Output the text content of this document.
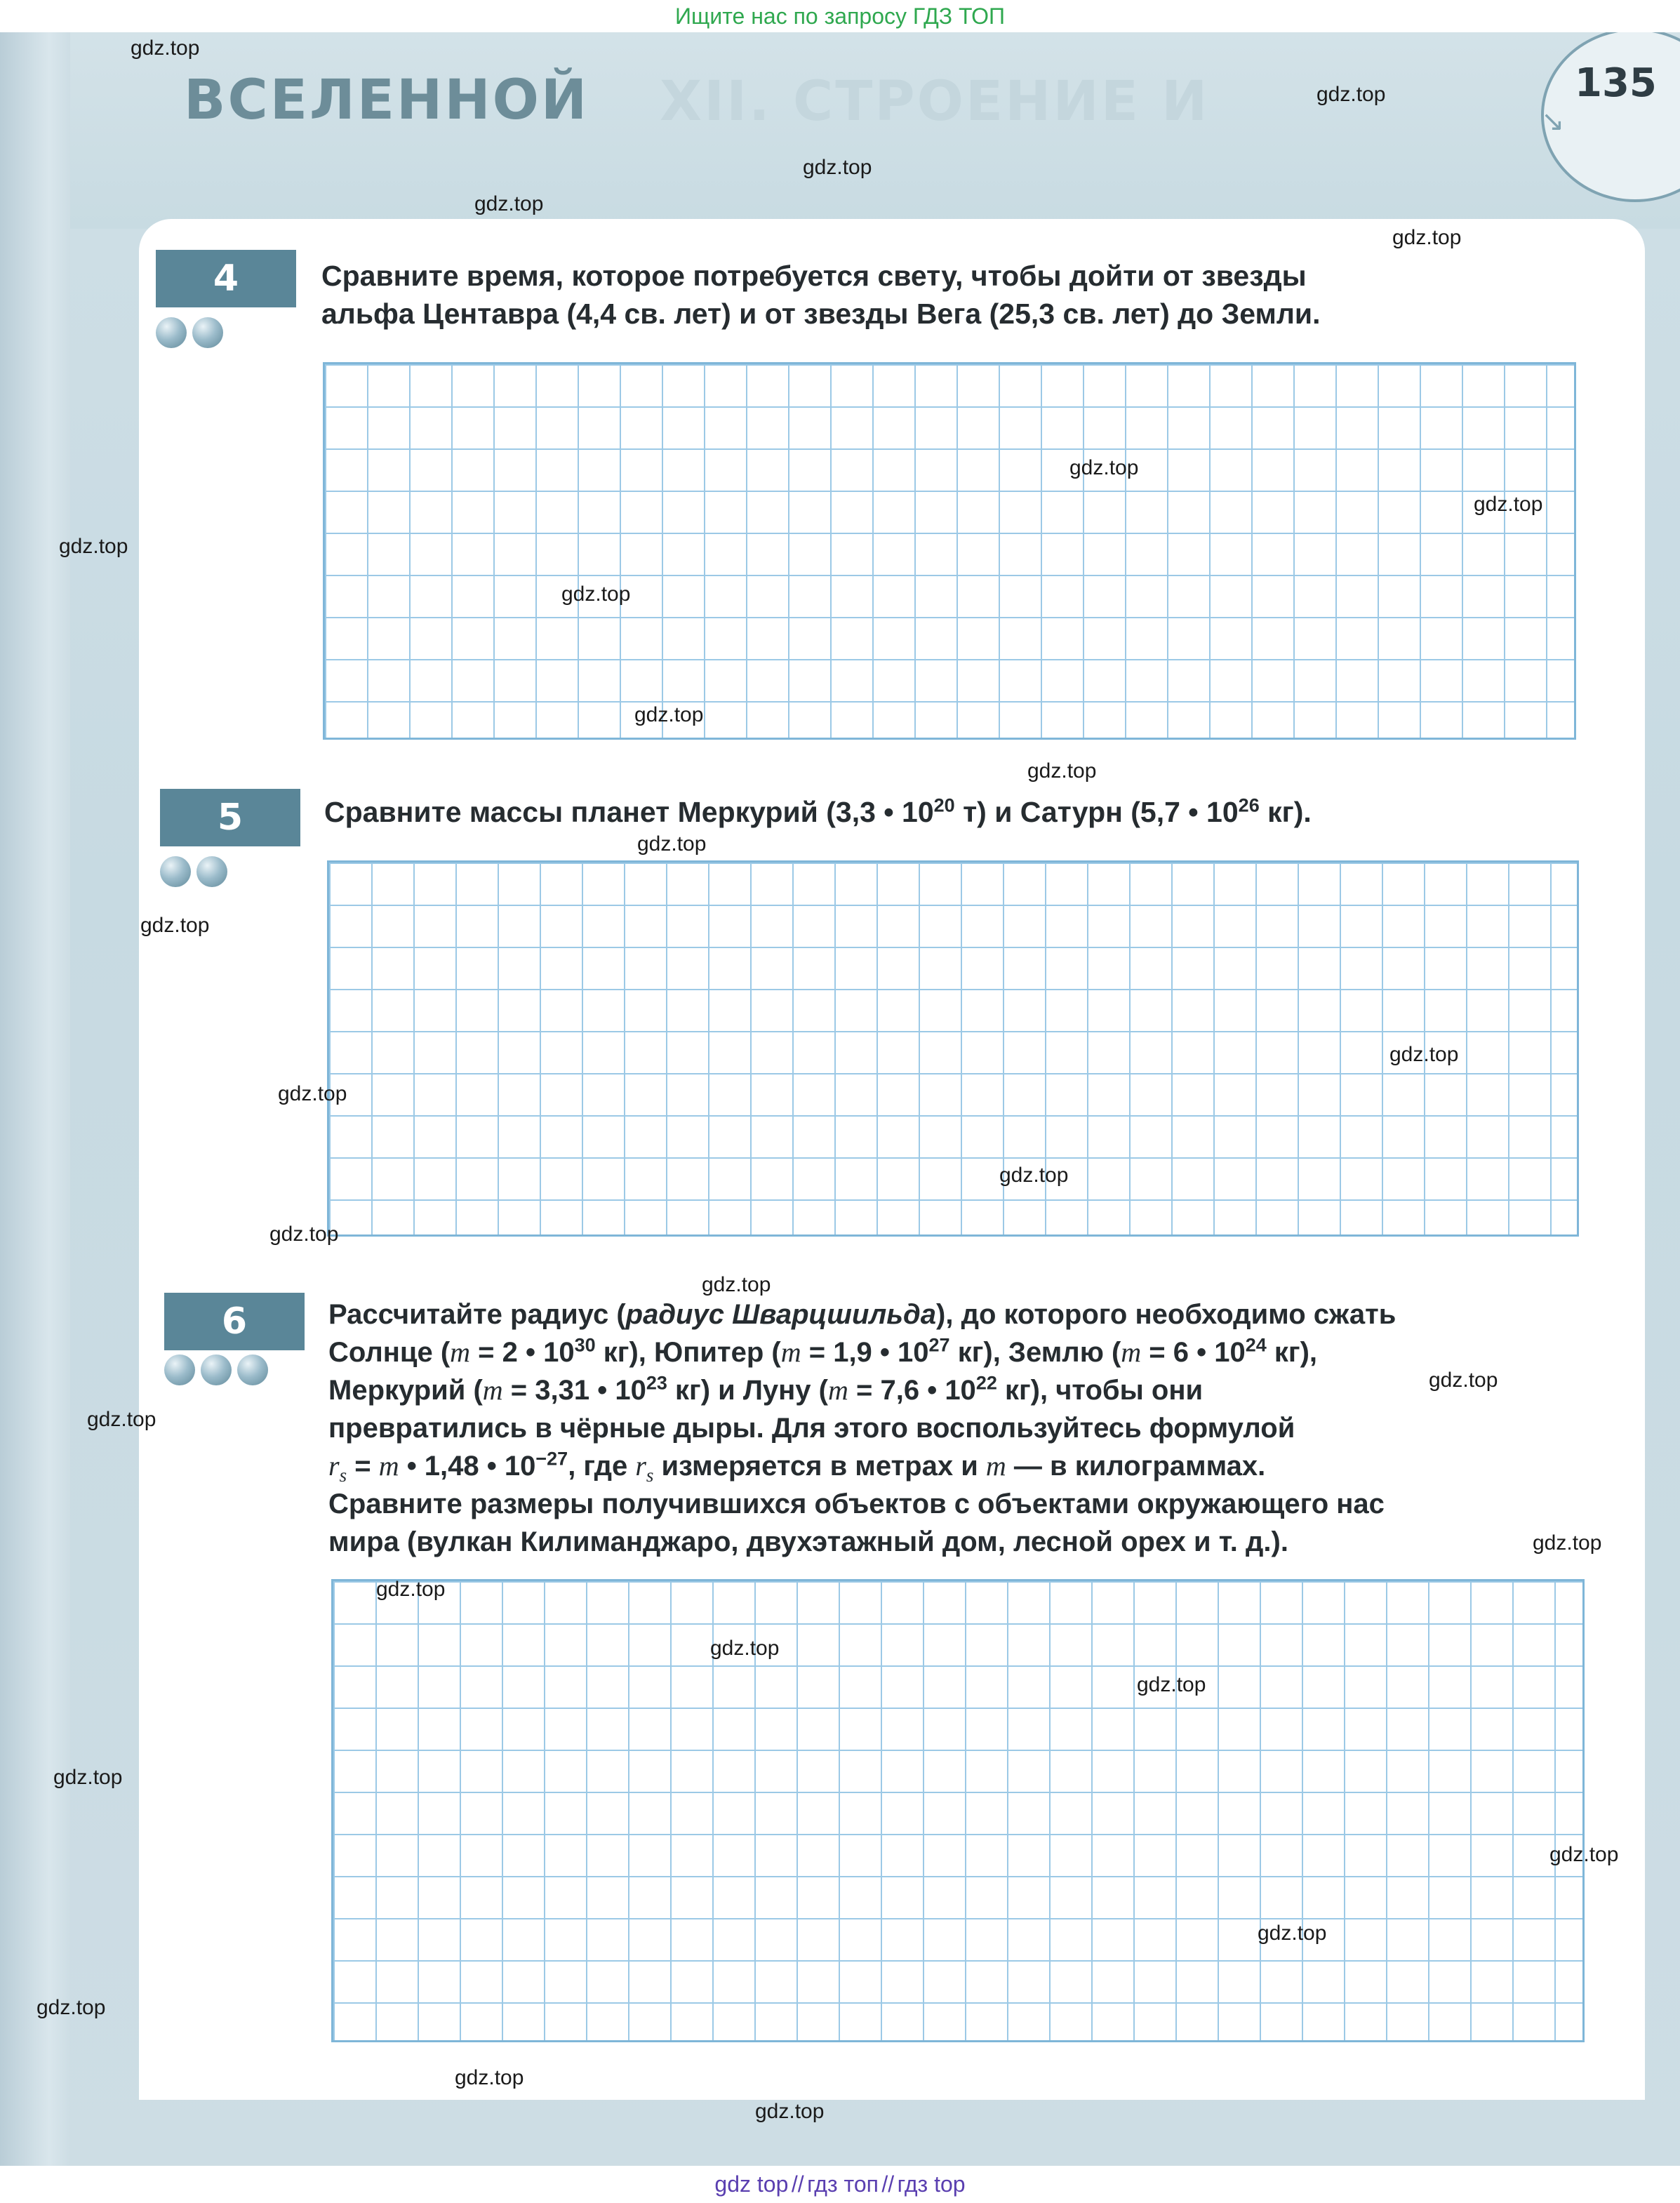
Ищите нас по запросу ГДЗ ТОП
XII. СТРОЕНИЕ И
ВСЕЛЕННОЙ	135
↘
4	Сравните время, которое потребуется свету, чтобы дойти от звезды
альфа Центавра (4,4 св. лет) и от звезды Вега (25,3 св. лет) до Земли.
5	Сравните массы планет Меркурий (3,3 • $10^{20}$ т) и Сатурн (5,7 • $10^{26}$ кг).
6	Рассчитайте радиус (радиус Шварцшильда), до которого необходимо сжать
Солнце (m = 2 • $10^{30}$ кг), Юпитер (m = 1,9 • $10^{27}$ кг), Землю (m = 6 • $10^{24}$ кг),
Меркурий (m = 3,31 • $10^{23}$ кг) и Луну (m = 7,6 • $10^{22}$ кг), чтобы они
превратились в чёрные дыры. Для этого воспользуйтесь формулой
$r_s = m$ • 1,48 • $10^{-27}$, где $r_s$ измеряется в метрах и m — в килограммах.
Сравните размеры получившихся объектов с объектами окружающего нас
мира (вулкан Килиманджаро, двухэтажный дом, лесной орех и т. д.).
gdz.top
gdz.top
gdz.top
gdz.top
gdz.top
gdz.top
gdz.top
gdz.top
gdz.top
gdz.top
gdz.top
gdz.top
gdz.top
gdz.top
gdz.top
gdz.top
gdz.top
gdz.top
gdz.top
gdz.top
gdz.top
gdz.top
gdz.top
gdz.top
gdz.top
gdz.top
gdz.top
gdz.top
gdz.top
gdz.top
gdz top // гдз топ // гдз top
